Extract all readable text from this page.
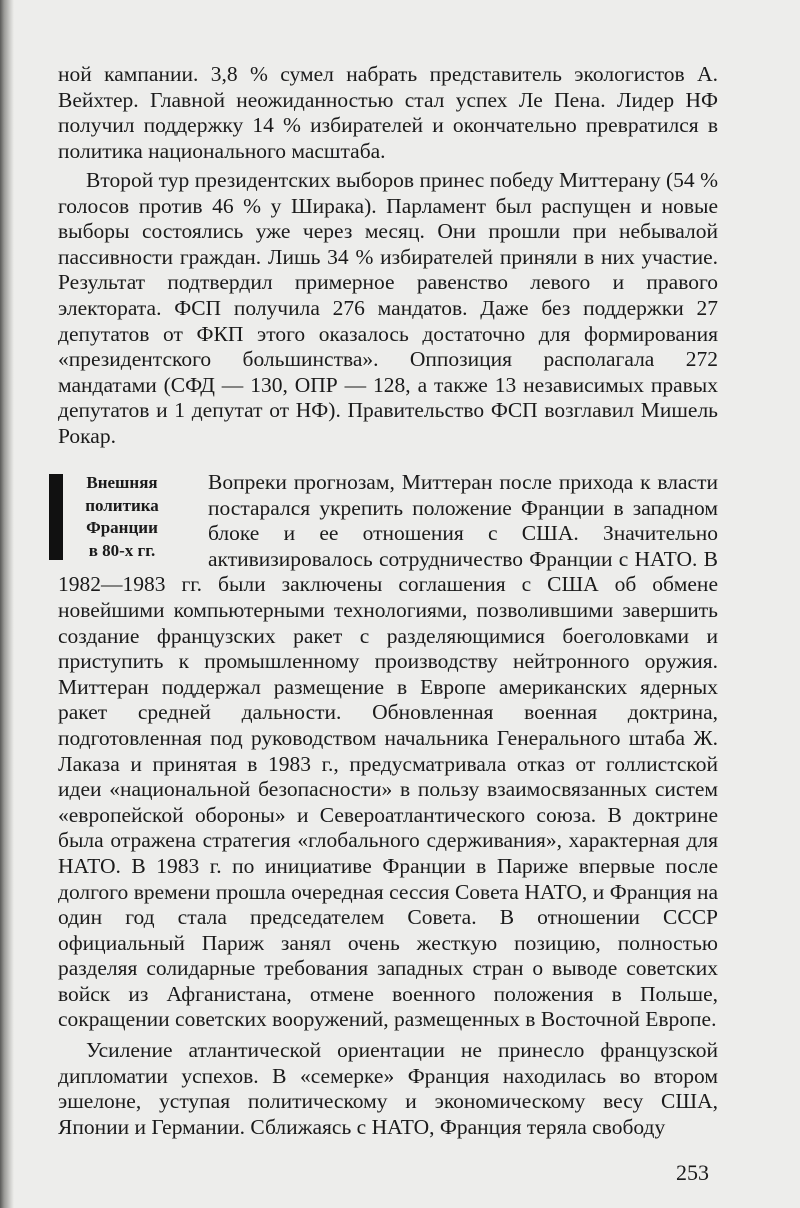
ной кампании. 3,8 % сумел набрать представитель экологистов А. Вейхтер. Главной неожиданностью стал успех Ле Пена. Лидер НФ получил поддержку 14 % избирателей и окончательно превратился в политика национального масштаба.

Второй тур президентских выборов принес победу Миттерану (54 % голосов против 46 % у Ширака). Парламент был распущен и новые выборы состоялись уже через месяц. Они прошли при небывалой пассивности граждан. Лишь 34 % избирателей приняли в них участие. Результат подтвердил примерное равенство левого и правого электората. ФСП получила 276 мандатов. Даже без поддержки 27 депутатов от ФКП этого оказалось достаточно для формирования «президентского большинства». Оппозиция располагала 272 мандатами (СФД — 130, ОПР — 128, а также 13 независимых правых депутатов и 1 депутат от НФ). Правительство ФСП возглавил Мишель Рокар.

Внешняя
политика
Франции
в 80-х гг.

Вопреки прогнозам, Миттеран после прихода к власти постарался укрепить положение Франции в западном блоке и ее отношения с США. Значительно активизировалось сотрудничество Франции с НАТО. В 1982—1983 гг. были заключены соглашения с США об обмене новейшими компьютерными технологиями, позволившими завершить создание французских ракет с разделяющимися боеголовками и приступить к промышленному производству нейтронного оружия. Миттеран поддержал размещение в Европе американских ядерных ракет средней дальности. Обновленная военная доктрина, подготовленная под руководством начальника Генерального штаба Ж. Лаказа и принятая в 1983 г., предусматривала отказ от голлистской идеи «национальной безопасности» в пользу взаимосвязанных систем «европейской обороны» и Североатлантического союза. В доктрине была отражена стратегия «глобального сдерживания», характерная для НАТО. В 1983 г. по инициативе Франции в Париже впервые после долгого времени прошла очередная сессия Совета НАТО, и Франция на один год стала председателем Совета. В отношении СССР официальный Париж занял очень жесткую позицию, полностью разделяя солидарные требования западных стран о выводе советских войск из Афганистана, отмене военного положения в Польше, сокращении советских вооружений, размещенных в Восточной Европе.

Усиление атлантической ориентации не принесло французской дипломатии успехов. В «семерке» Франция находилась во втором эшелоне, уступая политическому и экономическому весу США, Японии и Германии. Сближаясь с НАТО, Франция теряла свободу

253
